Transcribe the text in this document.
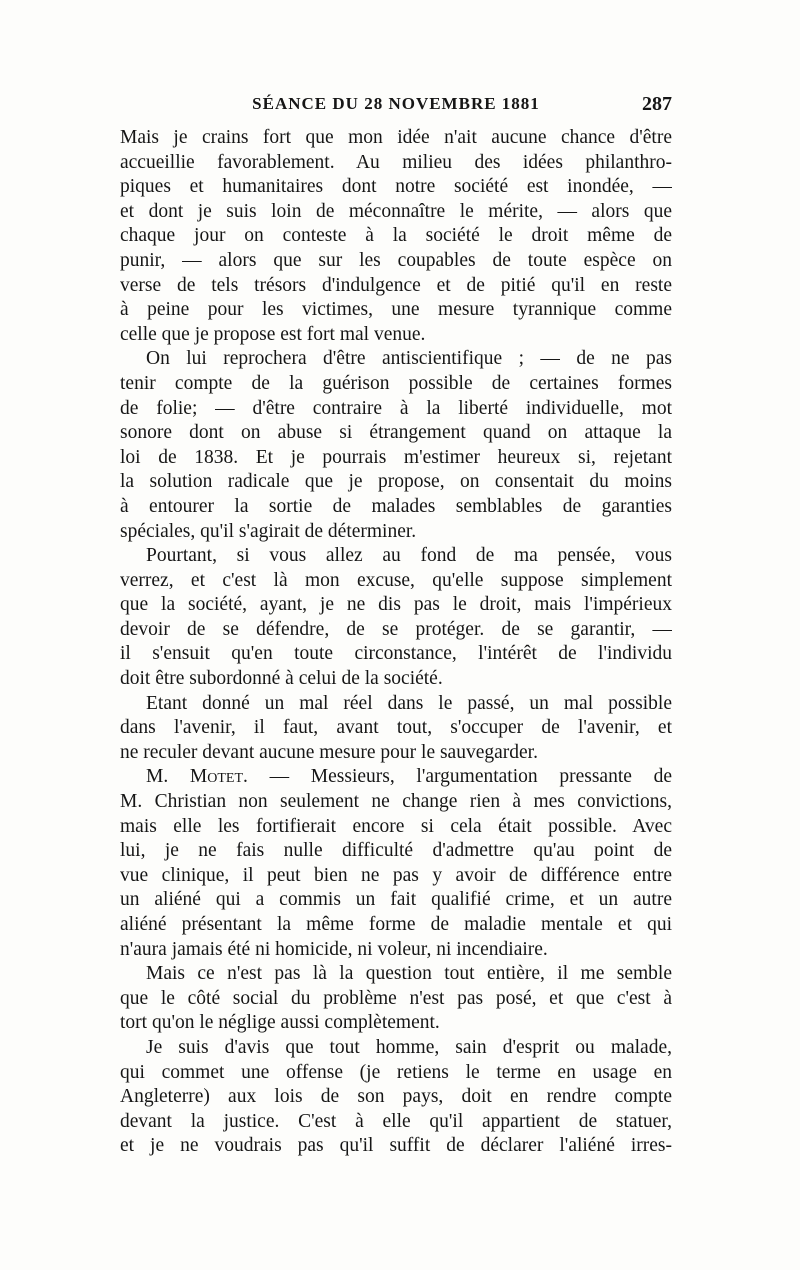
SÉANCE DU 28 NOVEMBRE 1881	287
Mais je crains fort que mon idée n'ait aucune chance d'être
accueillie favorablement. Au milieu des idées philanthro-
piques et humanitaires dont notre société est inondée, —
et dont je suis loin de méconnaître le mérite, — alors que
chaque jour on conteste à la société le droit même de
punir, — alors que sur les coupables de toute espèce on
verse de tels trésors d'indulgence et de pitié qu'il en reste
à peine pour les victimes, une mesure tyrannique comme
celle que je propose est fort mal venue.
On lui reprochera d'être antiscientifique ; — de ne pas
tenir compte de la guérison possible de certaines formes
de folie; — d'être contraire à la liberté individuelle, mot
sonore dont on abuse si étrangement quand on attaque la
loi de 1838. Et je pourrais m'estimer heureux si, rejetant
la solution radicale que je propose, on consentait du moins
à entourer la sortie de malades semblables de garanties
spéciales, qu'il s'agirait de déterminer.
Pourtant, si vous allez au fond de ma pensée, vous
verrez, et c'est là mon excuse, qu'elle suppose simplement
que la société, ayant, je ne dis pas le droit, mais l'impérieux
devoir de se défendre, de se protéger. de se garantir, —
il s'ensuit qu'en toute circonstance, l'intérêt de l'individu
doit être subordonné à celui de la société.
Etant donné un mal réel dans le passé, un mal possible
dans l'avenir, il faut, avant tout, s'occuper de l'avenir, et
ne reculer devant aucune mesure pour le sauvegarder.
M. Motet. — Messieurs, l'argumentation pressante de
M. Christian non seulement ne change rien à mes convictions,
mais elle les fortifierait encore si cela était possible. Avec
lui, je ne fais nulle difficulté d'admettre qu'au point de
vue clinique, il peut bien ne pas y avoir de différence entre
un aliéné qui a commis un fait qualifié crime, et un autre
aliéné présentant la même forme de maladie mentale et qui
n'aura jamais été ni homicide, ni voleur, ni incendiaire.
Mais ce n'est pas là la question tout entière, il me semble
que le côté social du problème n'est pas posé, et que c'est à
tort qu'on le néglige aussi complètement.
Je suis d'avis que tout homme, sain d'esprit ou malade,
qui commet une offense (je retiens le terme en usage en
Angleterre) aux lois de son pays, doit en rendre compte
devant la justice. C'est à elle qu'il appartient de statuer,
et je ne voudrais pas qu'il suffit de déclarer l'aliéné irres-
